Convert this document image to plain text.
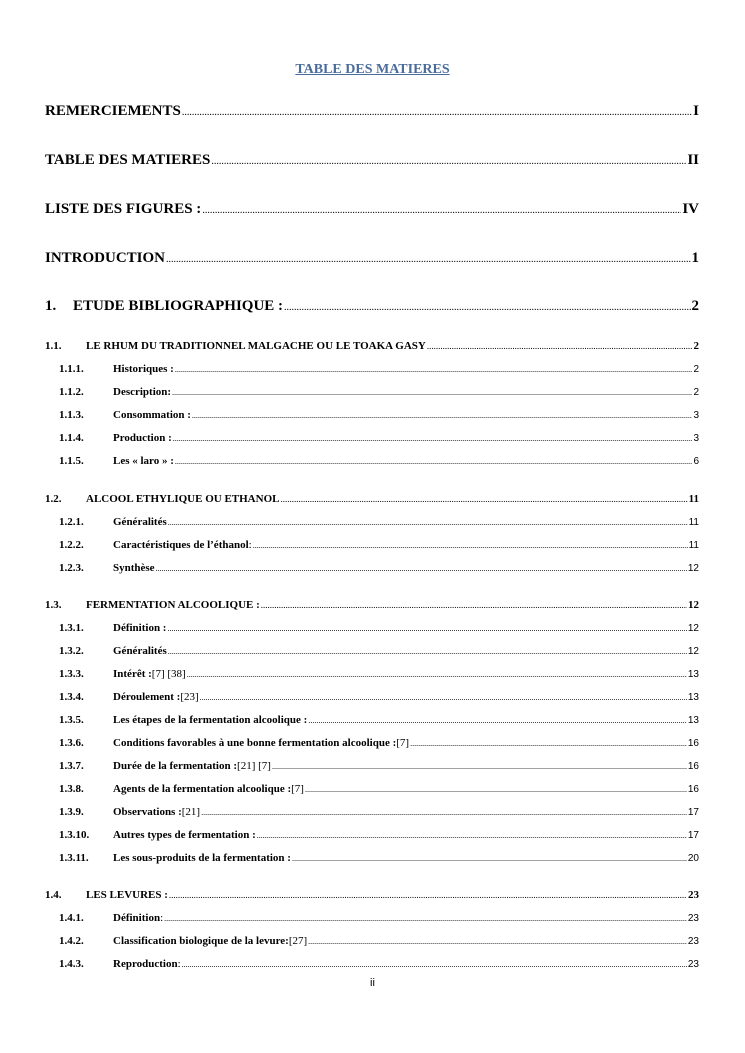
TABLE DES MATIERES
REMERCIEMENTS .....	I
TABLE DES MATIERES .....	II
LISTE DES FIGURES : .....	IV
INTRODUCTION .....	1
1.	ETUDE BIBLIOGRAPHIQUE : .....	2
1.1.	LE RHUM DU TRADITIONNEL MALGACHE OU LE TOAKA GASY .....	2
1.1.1.	Historiques : .....	2
1.1.2.	Description: .....	2
1.1.3.	Consommation : .....	3
1.1.4.	Production : .....	3
1.1.5.	Les « laro » : .....	6
1.2.	ALCOOL ETHYLIQUE OU ETHANOL .....	11
1.2.1.	Généralités .....	11
1.2.2.	Caractéristiques de l’éthanol : .....	11
1.2.3.	Synthèse .....	12
1.3.	FERMENTATION ALCOOLIQUE : .....	12
1.3.1.	Définition : .....	12
1.3.2.	Généralités .....	12
1.3.3.	Intérêt : [7] [38] .....	13
1.3.4.	Déroulement : [23] .....	13
1.3.5.	Les étapes de la fermentation alcoolique : .....	13
1.3.6.	Conditions favorables à une bonne fermentation alcoolique : [7] .....	16
1.3.7.	Durée de la fermentation : [21] [7] .....	16
1.3.8.	Agents de la fermentation alcoolique : [7] .....	16
1.3.9.	Observations : [21] .....	17
1.3.10.	Autres types de fermentation : .....	17
1.3.11.	Les sous-produits de la fermentation : .....	20
1.4.	LES LEVURES : .....	23
1.4.1.	Définition : .....	23
1.4.2.	Classification biologique de la levure: [27] .....	23
1.4.3.	Reproduction : .....	23
ii
